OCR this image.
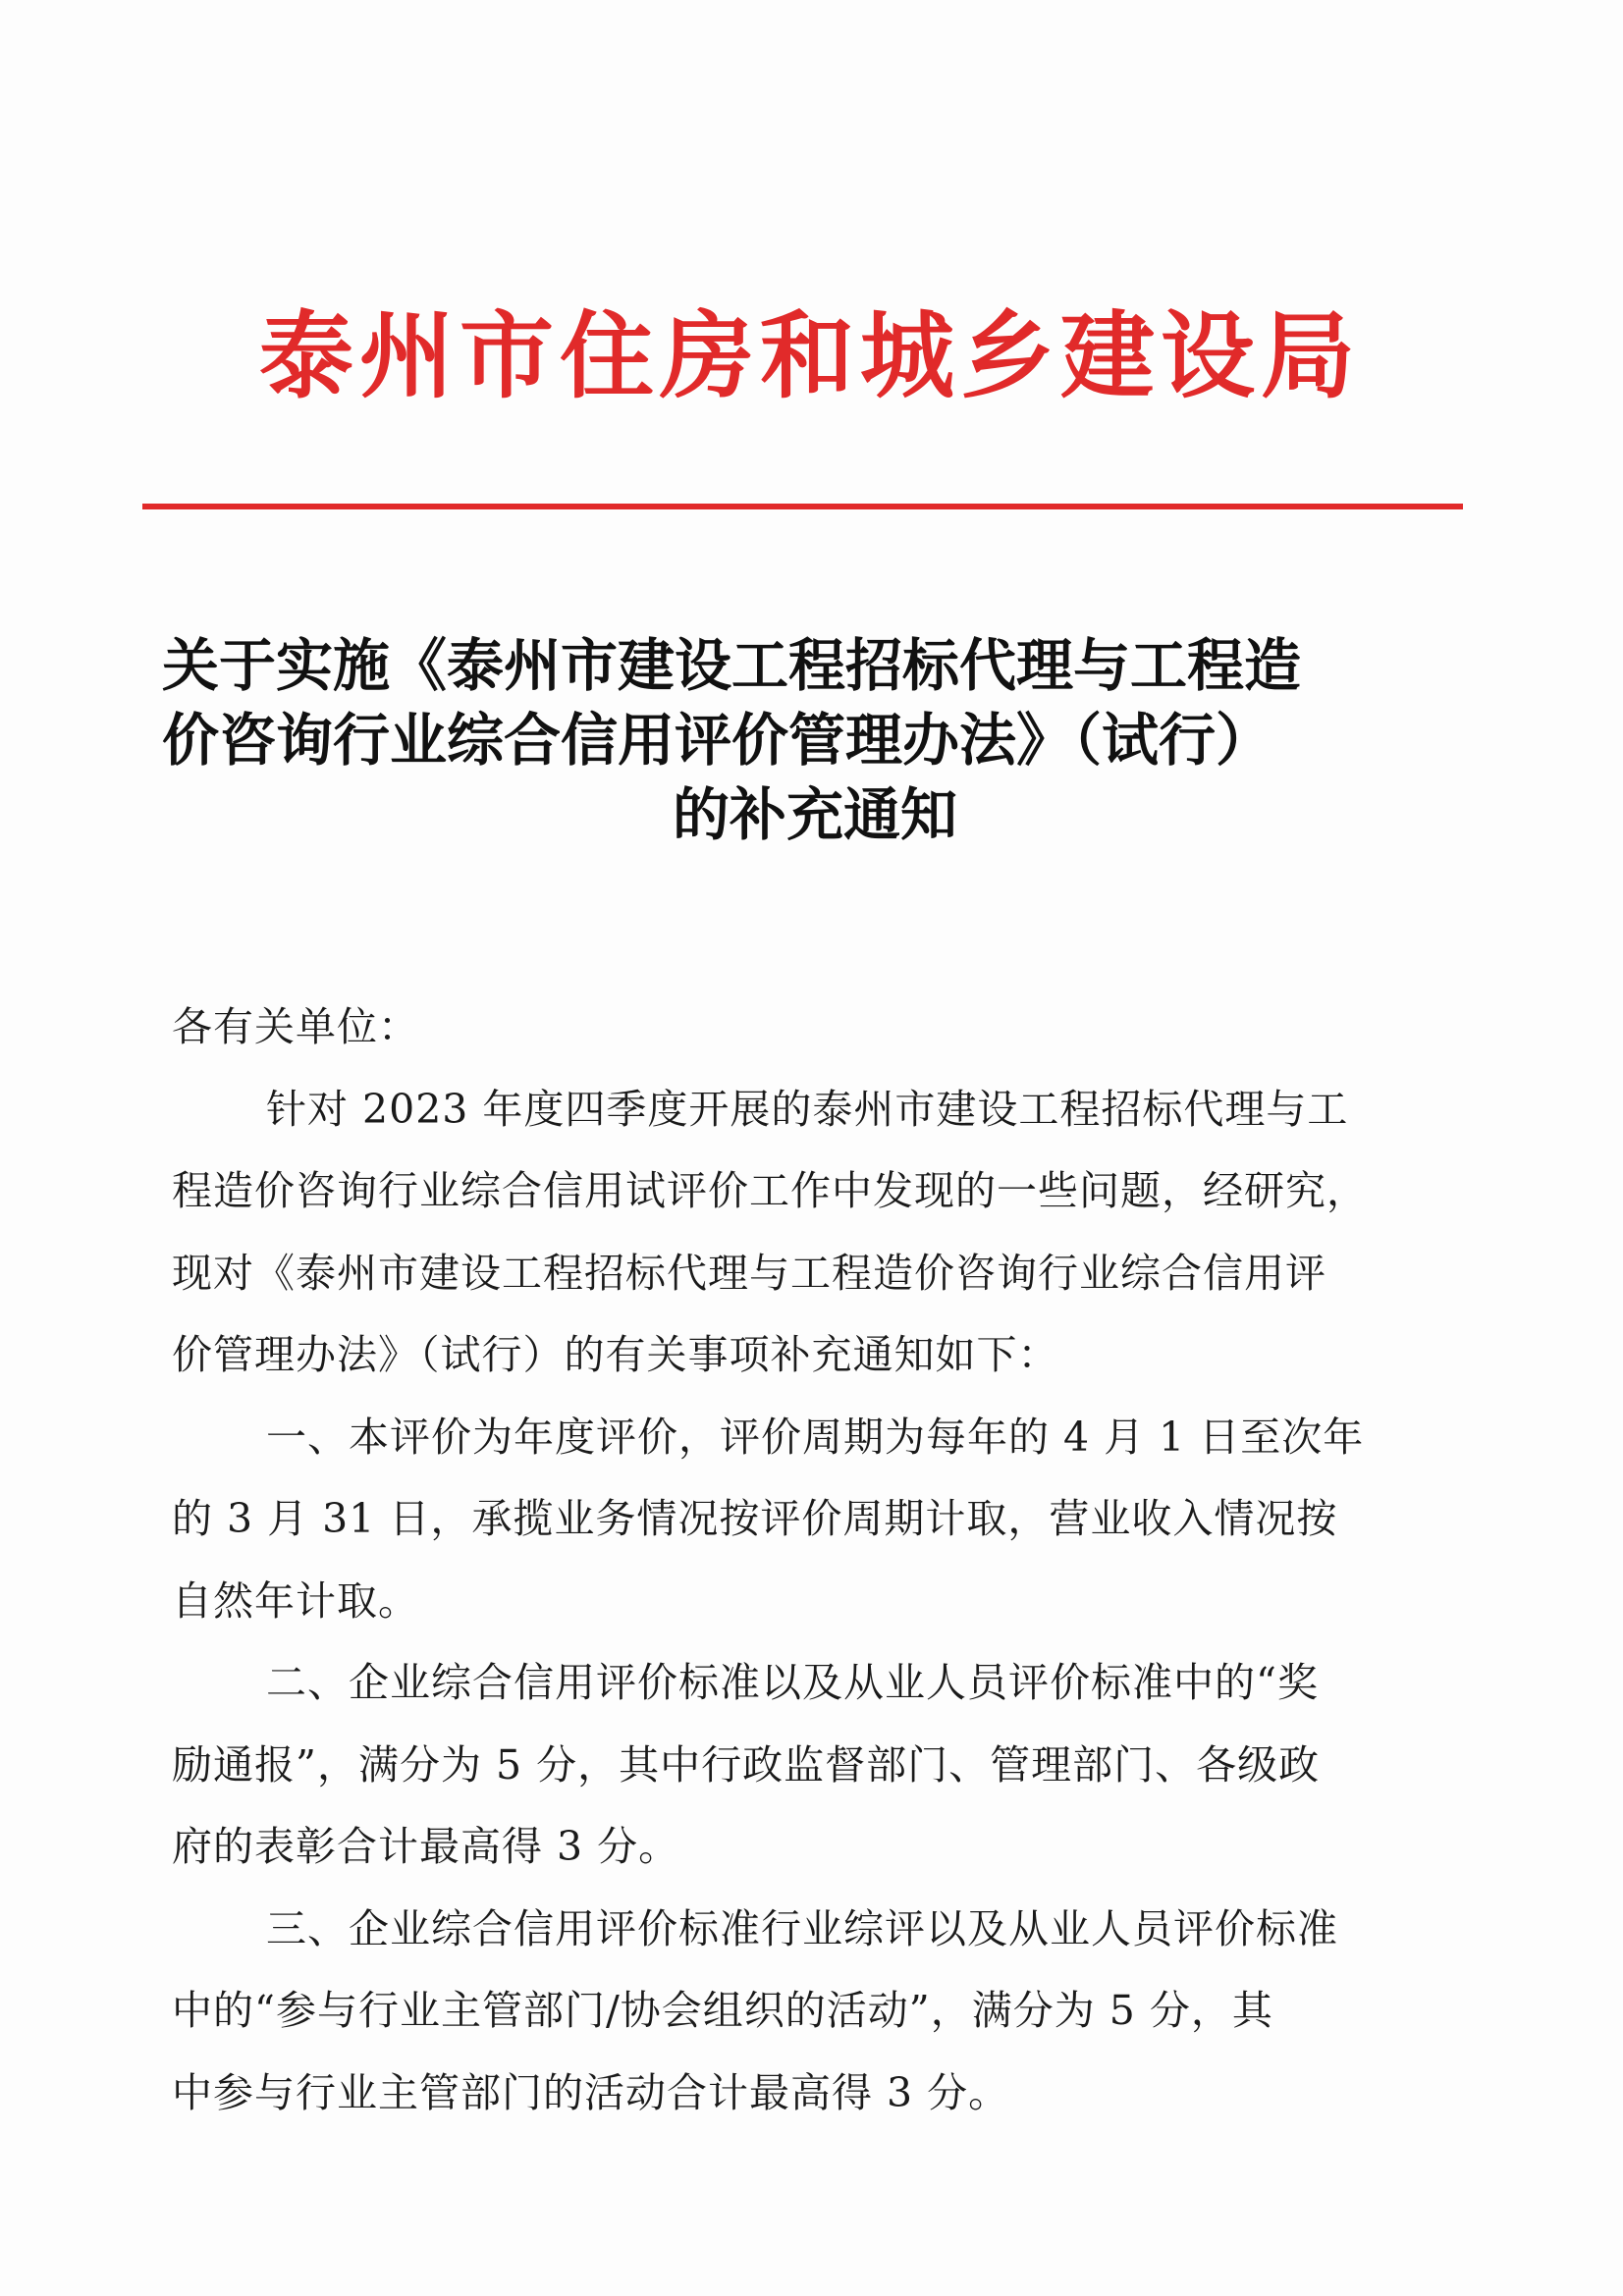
泰州市住房和城乡建设局
关于实施《泰州市建设工程招标代理与工程造
价咨询行业综合信用评价管理办法》（试行）
的补充通知
各有关单位：
针对 2023 年度四季度开展的泰州市建设工程招标代理与工
程造价咨询行业综合信用试评价工作中发现的一些问题，经研究，
现对《泰州市建设工程招标代理与工程造价咨询行业综合信用评
价管理办法》（试行）的有关事项补充通知如下：
一、本评价为年度评价，评价周期为每年的 4 月 1 日至次年
的 3 月 31 日，承揽业务情况按评价周期计取，营业收入情况按
自然年计取。
二、企业综合信用评价标准以及从业人员评价标准中的“奖
励通报”，满分为 5 分，其中行政监督部门、管理部门、各级政
府的表彰合计最高得 3 分。
三、企业综合信用评价标准行业综评以及从业人员评价标准
中的“参与行业主管部门/协会组织的活动”，满分为 5 分，其
中参与行业主管部门的活动合计最高得 3 分。
